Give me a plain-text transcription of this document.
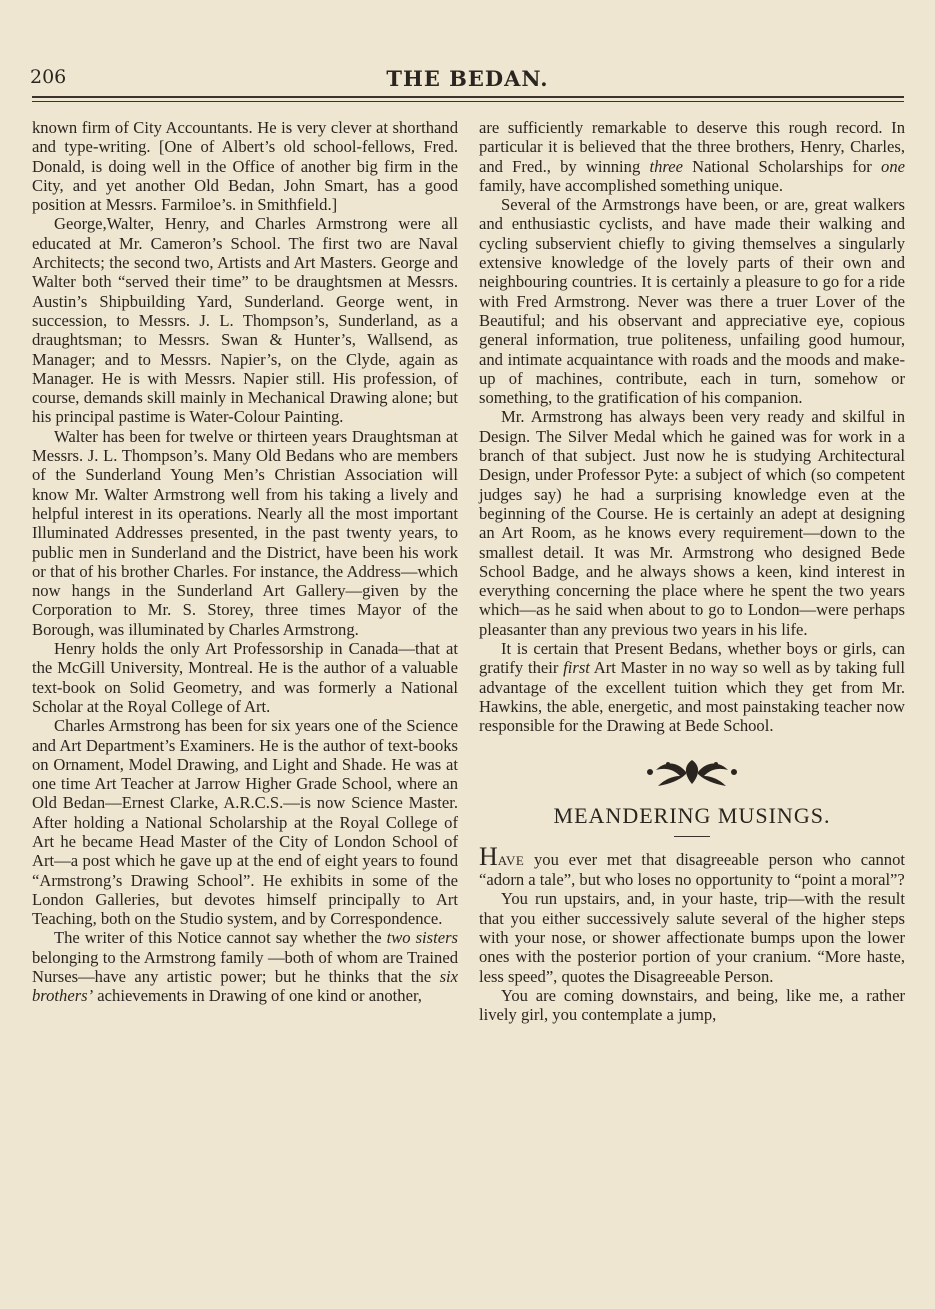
206	THE BEDAN.

known firm of City Accountants. He is very clever at shorthand and type-writing. [One of Albert’s old school-fellows, Fred. Donald, is doing well in the Office of another big firm in the City, and yet another Old Bedan, John Smart, has a good position at Messrs. Farmiloe’s. in Smithfield.]

George,Walter, Henry, and Charles Armstrong were all educated at Mr. Cameron’s School. The first two are Naval Architects; the second two, Artists and Art Masters. George and Walter both “served their time” to be draughtsmen at Messrs. Austin’s Shipbuilding Yard, Sunderland. George went, in succession, to Messrs. J. L. Thompson’s, Sunderland, as a draughtsman; to Messrs. Swan & Hunter’s, Wallsend, as Manager; and to Messrs. Napier’s, on the Clyde, again as Manager. He is with Messrs. Napier still. His profession, of course, demands skill mainly in Mechanical Drawing alone; but his principal pastime is Water-Colour Painting.

Walter has been for twelve or thirteen years Draughtsman at Messrs. J. L. Thompson’s. Many Old Bedans who are members of the Sunderland Young Men’s Christian Association will know Mr. Walter Armstrong well from his taking a lively and helpful interest in its operations. Nearly all the most important Illuminated Addresses presented, in the past twenty years, to public men in Sunderland and the District, have been his work or that of his brother Charles. For instance, the Address—which now hangs in the Sunderland Art Gallery—given by the Corporation to Mr. S. Storey, three times Mayor of the Borough, was illuminated by Charles Armstrong.

Henry holds the only Art Professorship in Canada—that at the McGill University, Montreal. He is the author of a valuable text-book on Solid Geometry, and was formerly a National Scholar at the Royal College of Art.

Charles Armstrong has been for six years one of the Science and Art Department’s Examiners. He is the author of text-books on Ornament, Model Drawing, and Light and Shade. He was at one time Art Teacher at Jarrow Higher Grade School, where an Old Bedan—Ernest Clarke, A.R.C.S.—is now Science Master. After holding a National Scholarship at the Royal College of Art he became Head Master of the City of London School of Art—a post which he gave up at the end of eight years to found “Armstrong’s Drawing School”. He exhibits in some of the London Galleries, but devotes himself principally to Art Teaching, both on the Studio system, and by Correspondence.

The writer of this Notice cannot say whether the two sisters belonging to the Armstrong family —both of whom are Trained Nurses—have any artistic power; but he thinks that the six brothers’ achievements in Drawing of one kind or another,

are sufficiently remarkable to deserve this rough record. In particular it is believed that the three brothers, Henry, Charles, and Fred., by winning three National Scholarships for one family, have accomplished something unique.

Several of the Armstrongs have been, or are, great walkers and enthusiastic cyclists, and have made their walking and cycling subservient chiefly to giving themselves a singularly extensive knowledge of the lovely parts of their own and neighbouring countries. It is certainly a pleasure to go for a ride with Fred Armstrong. Never was there a truer Lover of the Beautiful; and his observant and appreciative eye, copious general information, true politeness, unfailing good humour, and intimate acquaintance with roads and the moods and make-up of machines, contribute, each in turn, somehow or something, to the gratification of his companion.

Mr. Armstrong has always been very ready and skilful in Design. The Silver Medal which he gained was for work in a branch of that subject. Just now he is studying Architectural Design, under Professor Pyte: a subject of which (so competent judges say) he had a surprising knowledge even at the beginning of the Course. He is certainly an adept at designing an Art Room, as he knows every requirement—down to the smallest detail. It was Mr. Armstrong who designed Bede School Badge, and he always shows a keen, kind interest in everything concerning the place where he spent the two years which—as he said when about to go to London—were perhaps pleasanter than any previous two years in his life.

It is certain that Present Bedans, whether boys or girls, can gratify their first Art Master in no way so well as by taking full advantage of the excellent tuition which they get from Mr. Hawkins, the able, energetic, and most painstaking teacher now responsible for the Drawing at Bede School.

MEANDERING MUSINGS.

HAVE you ever met that disagreeable person who cannot “adorn a tale”, but who loses no opportunity to “point a moral”?

You run upstairs, and, in your haste, trip—with the result that you either successively salute several of the higher steps with your nose, or shower affectionate bumps upon the lower ones with the posterior portion of your cranium. “More haste, less speed”, quotes the Disagreeable Person.

You are coming downstairs, and being, like me, a rather lively girl, you contemplate a jump,
